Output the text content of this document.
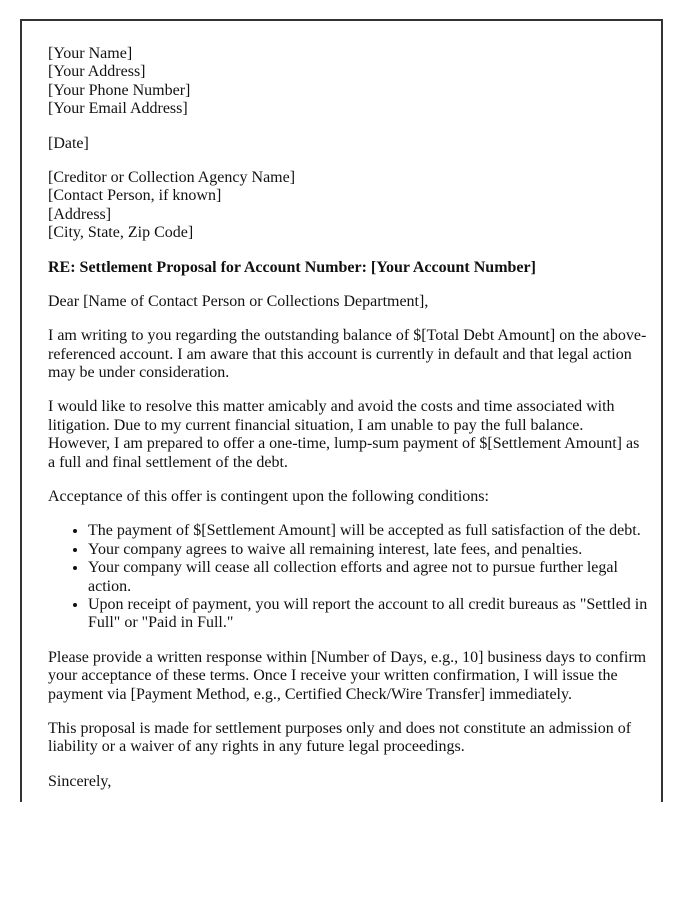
[Your Name]
[Your Address]
[Your Phone Number]
[Your Email Address]
[Date]
[Creditor or Collection Agency Name]
[Contact Person, if known]
[Address]
[City, State, Zip Code]
RE: Settlement Proposal for Account Number: [Your Account Number]
Dear [Name of Contact Person or Collections Department],
I am writing to you regarding the outstanding balance of $[Total Debt Amount] on the above-referenced account. I am aware that this account is currently in default and that legal action may be under consideration.
I would like to resolve this matter amicably and avoid the costs and time associated with litigation. Due to my current financial situation, I am unable to pay the full balance. However, I am prepared to offer a one-time, lump-sum payment of $[Settlement Amount] as a full and final settlement of the debt.
Acceptance of this offer is contingent upon the following conditions:
• The payment of $[Settlement Amount] will be accepted as full satisfaction of the debt.
• Your company agrees to waive all remaining interest, late fees, and penalties.
• Your company will cease all collection efforts and agree not to pursue further legal action.
• Upon receipt of payment, you will report the account to all credit bureaus as "Settled in Full" or "Paid in Full."
Please provide a written response within [Number of Days, e.g., 10] business days to confirm your acceptance of these terms. Once I receive your written confirmation, I will issue the payment via [Payment Method, e.g., Certified Check/Wire Transfer] immediately.
This proposal is made for settlement purposes only and does not constitute an admission of liability or a waiver of any rights in any future legal proceedings.
Sincerely,
